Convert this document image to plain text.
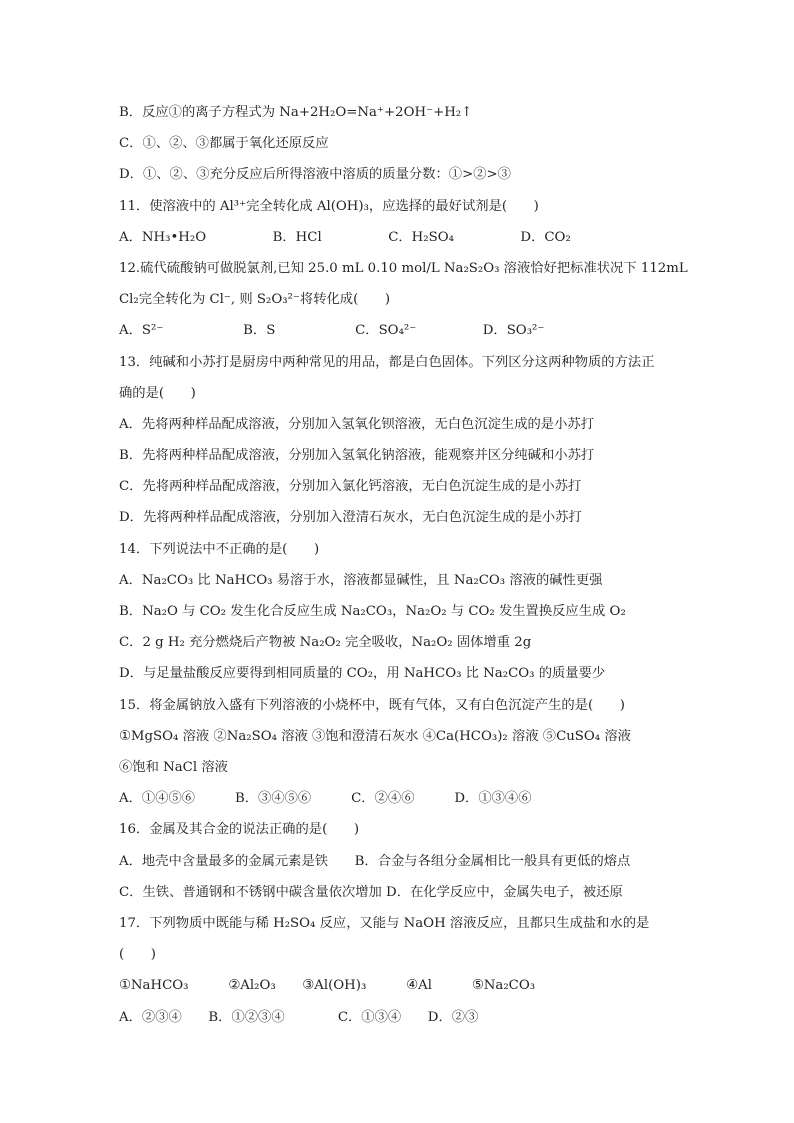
B．反应①的离子方程式为 Na+2H₂O=Na⁺+2OH⁻+H₂↑
C．①、②、③都属于氧化还原反应
D．①、②、③充分反应后所得溶液中溶质的质量分数：①>②>③
11．使溶液中的 Al³⁺完全转化成 Al(OH)₃，应选择的最好试剂是(　　)
A．NH₃•H₂O　　　　　B．HCl　　　　　C．H₂SO₄　　　　　D．CO₂
12.硫代硫酸钠可做脱氯剂,已知 25.0 mL 0.10 mol/L Na₂S₂O₃ 溶液恰好把标准状况下 112mL
Cl₂完全转化为 Cl⁻, 则 S₂O₃²⁻将转化成(　　)
A．S²⁻　　　　　　B．S　　　　　　C．SO₄²⁻　　　　　D．SO₃²⁻
13．纯碱和小苏打是厨房中两种常见的用品，都是白色固体。下列区分这两种物质的方法正
确的是(　　)
A．先将两种样品配成溶液，分别加入氢氧化钡溶液，无白色沉淀生成的是小苏打
B．先将两种样品配成溶液，分别加入氢氧化钠溶液，能观察并区分纯碱和小苏打
C．先将两种样品配成溶液，分别加入氯化钙溶液，无白色沉淀生成的是小苏打
D．先将两种样品配成溶液，分别加入澄清石灰水，无白色沉淀生成的是小苏打
14．下列说法中不正确的是(　　)
A．Na₂CO₃ 比 NaHCO₃ 易溶于水，溶液都显碱性，且 Na₂CO₃ 溶液的碱性更强
B．Na₂O 与 CO₂ 发生化合反应生成 Na₂CO₃，Na₂O₂ 与 CO₂ 发生置换反应生成 O₂
C．2 g H₂ 充分燃烧后产物被 Na₂O₂ 完全吸收，Na₂O₂ 固体增重 2g
D．与足量盐酸反应要得到相同质量的 CO₂，用 NaHCO₃ 比 Na₂CO₃ 的质量要少
15．将金属钠放入盛有下列溶液的小烧杯中，既有气体，又有白色沉淀产生的是(　　)
①MgSO₄ 溶液 ②Na₂SO₄ 溶液 ③饱和澄清石灰水 ④Ca(HCO₃)₂ 溶液 ⑤CuSO₄ 溶液
⑥饱和 NaCl 溶液
A．①④⑤⑥　　　B．③④⑤⑥　　　C．②④⑥　　　D．①③④⑥
16．金属及其合金的说法正确的是(　　)
A．地壳中含量最多的金属元素是铁　　B．合金与各组分金属相比一般具有更低的熔点
C．生铁、普通钢和不锈钢中碳含量依次增加 D．在化学反应中，金属失电子，被还原
17．下列物质中既能与稀 H₂SO₄ 反应，又能与 NaOH 溶液反应，且都只生成盐和水的是
(　　)
①NaHCO₃　　　②Al₂O₃　　③Al(OH)₃　　　④Al　　　⑤Na₂CO₃
A．②③④　　B．①②③④　　　　C．①③④　　D．②③
